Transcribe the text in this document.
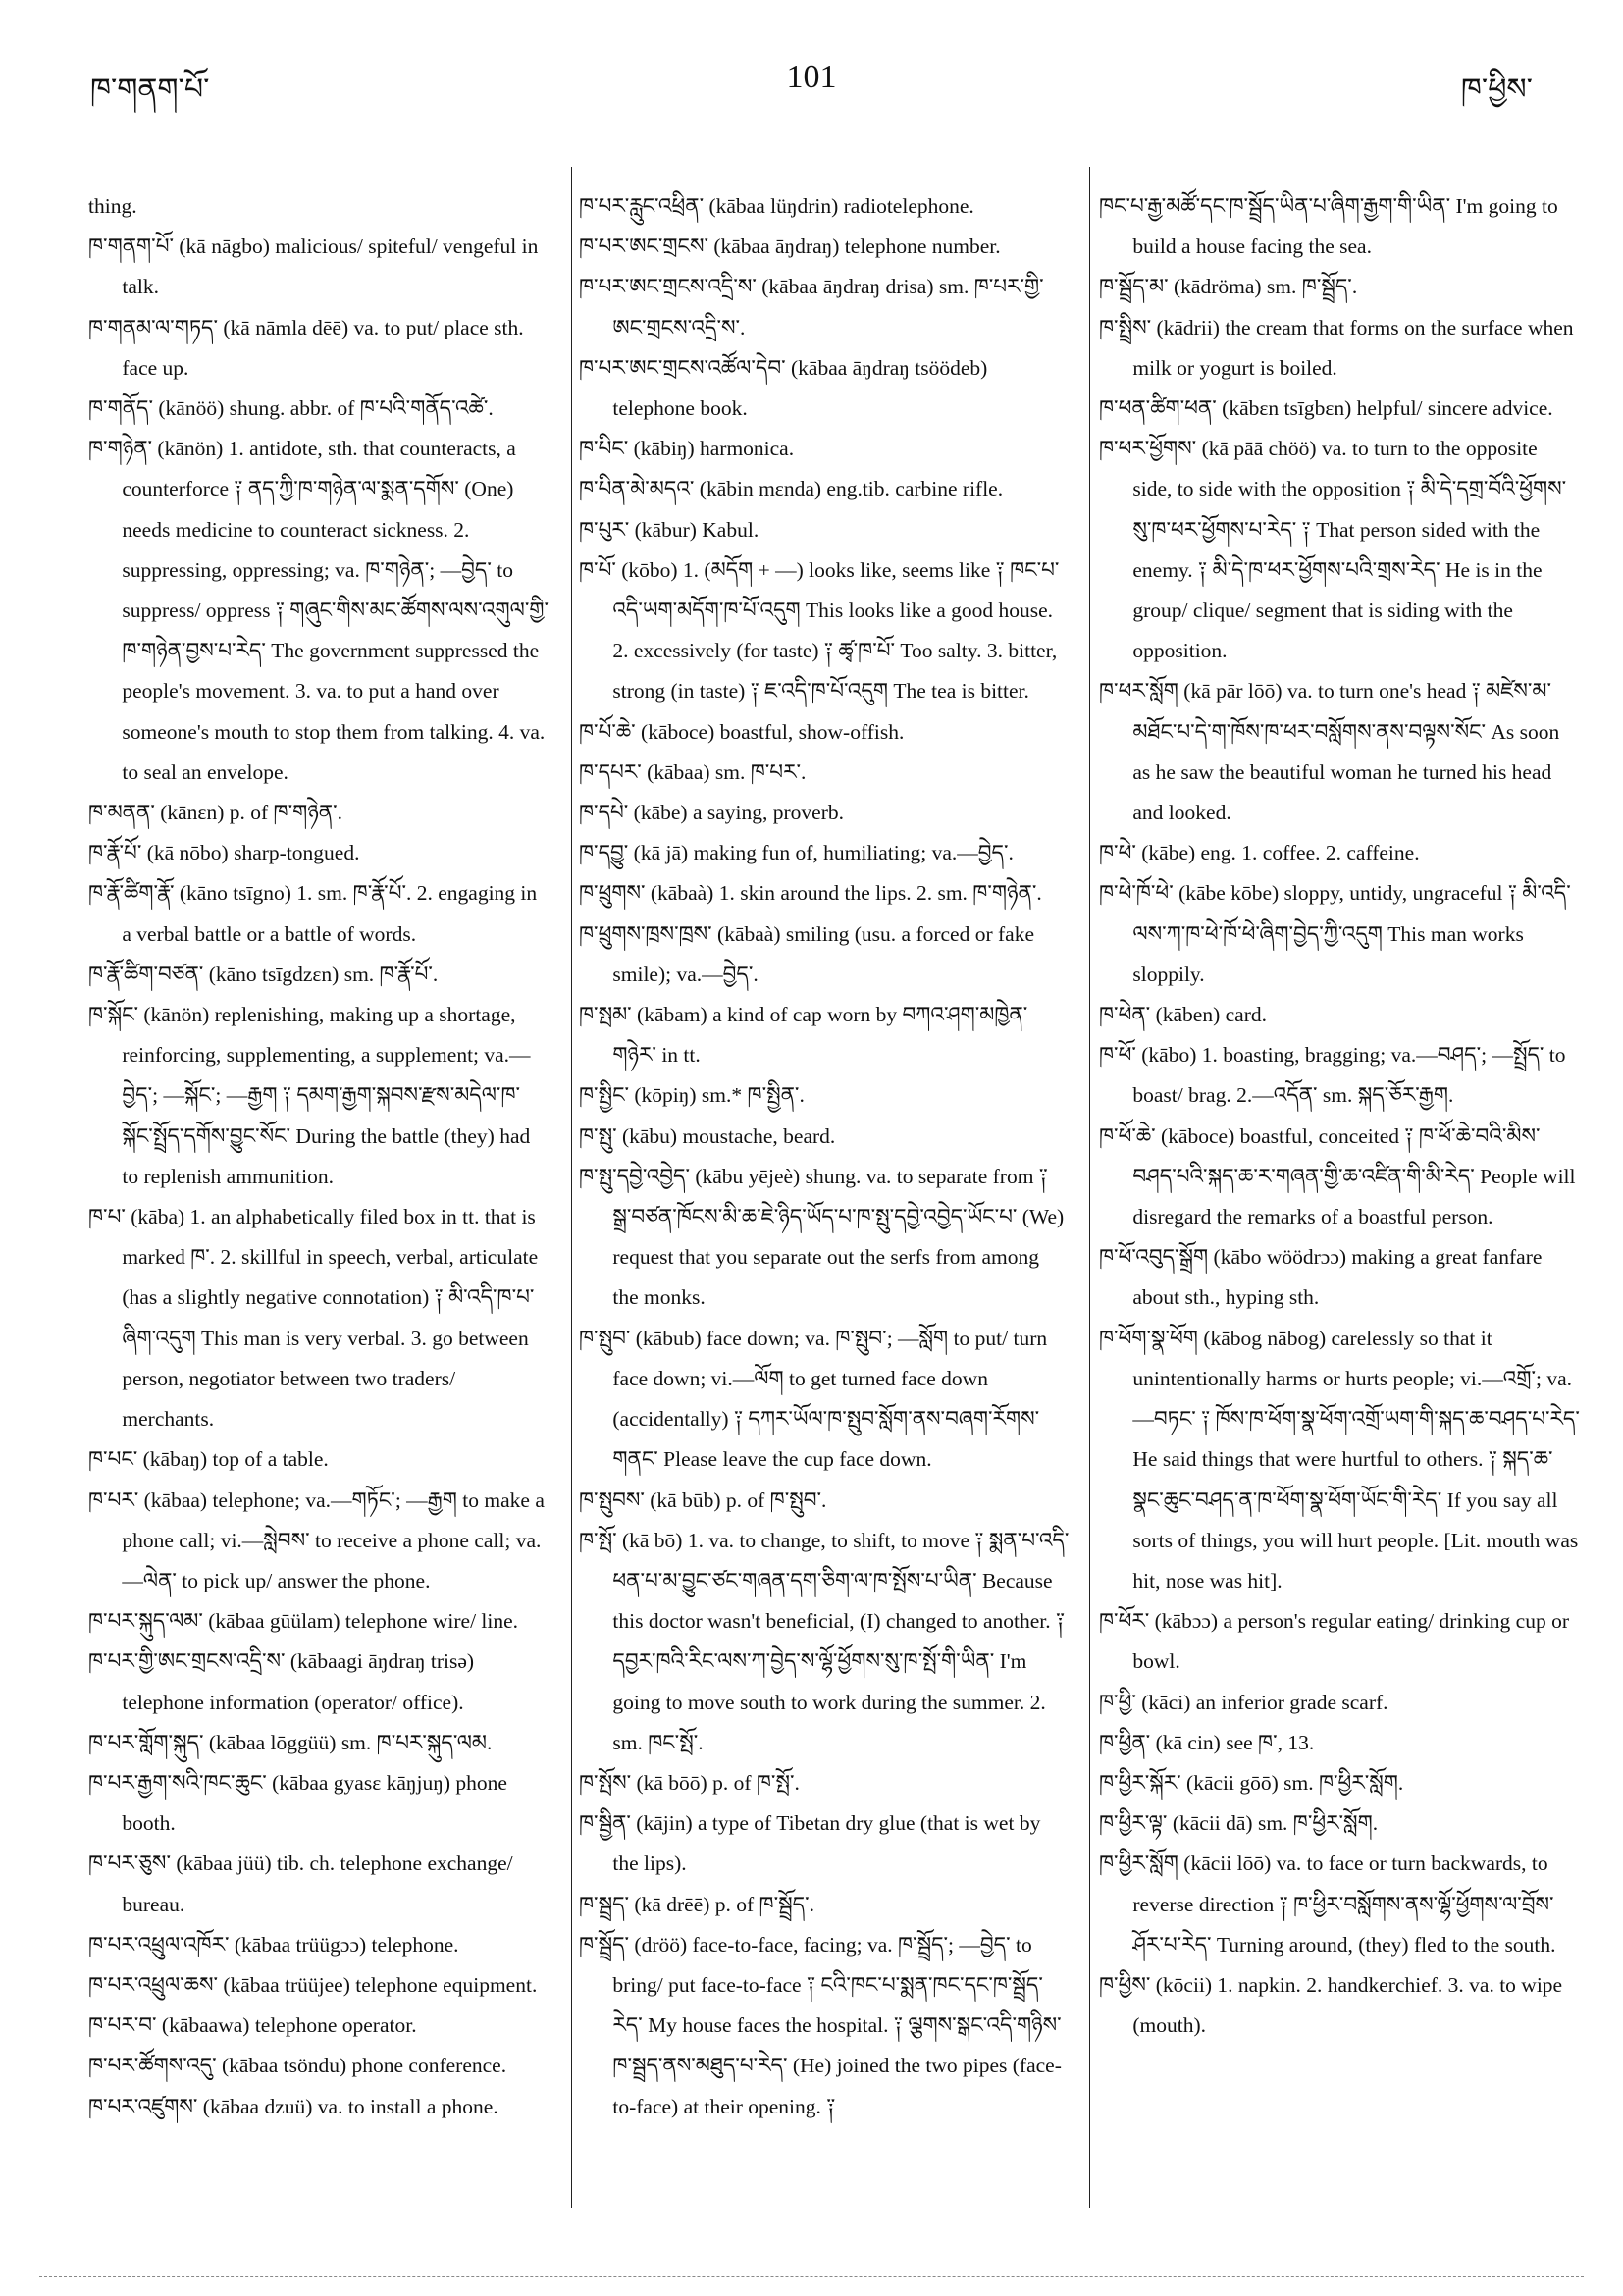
ཁ་གནག་པོ་	101	ཁ་ཕྱིས་

thing.

ཁ་གནག་པོ་ (kā nāgbo) malicious/ spiteful/ vengeful in talk.

ཁ་གནམ་ལ་གཏད་ (kā nāmla dēē) va. to put/ place sth. face up.

ཁ་གནོད་ (kānöö) shung. abbr. of ཁ་པའི་གནོད་འཚེ་.

ཁ་གཉེན་ (kānön) 1. antidote, sth. that counteracts, a counterforce ༑ ནད་ཀྱི་ཁ་གཉེན་ལ་སྨན་དགོས་ (One) needs medicine to counteract sickness. 2. suppressing, oppressing; va. ཁ་གཉེན་; —བྱེད་ to suppress/ oppress ༑ གཞུང་གིས་མང་ཚོགས་ལས་འགུལ་གྱི་ཁ་གཉེན་བྱས་པ་རེད་ The government suppressed the people's movement. 3. va. to put a hand over someone's mouth to stop them from talking. 4. va. to seal an envelope.

ཁ་མནན་ (kānɛn) p. of ཁ་གཉེན་.

ཁ་རྣོ་པོ་ (kā nōbo) sharp-tongued.

ཁ་རྣོ་ཚིག་རྣོ་ (kāno tsīgno) 1. sm. ཁ་རྣོ་པོ་. 2. engaging in a verbal battle or a battle of words.

ཁ་རྣོ་ཚིག་བཙན་ (kāno tsīgdzɛn) sm. ཁ་རྣོ་པོ་.

ཁ་སྐོང་ (kānön) replenishing, making up a shortage, reinforcing, supplementing, a supplement; va.—བྱེད་; —སྐོང་; —རྒྱག ༑ དམག་རྒྱག་སྐབས་རྫས་མདེལ་ཁ་སྐོང་སྤྲོད་དགོས་བྱུང་སོང་ During the battle (they) had to replenish ammunition.

ཁ་པ་ (kāba) 1. an alphabetically filed box in tt. that is marked ཁ་. 2. skillful in speech, verbal, articulate (has a slightly negative connotation) ༑ མི་འདི་ཁ་པ་ཞིག་འདུག This man is very verbal. 3. go between person, negotiator between two traders/ merchants.

ཁ་པང་ (kābaŋ) top of a table.

ཁ་པར་ (kābaa) telephone; va.—གཏོང་; —རྒྱག to make a phone call; vi.—སླེབས་ to receive a phone call; va.—ལེན་ to pick up/ answer the phone.

ཁ་པར་སྐུད་ལམ་ (kābaa gūülam) telephone wire/ line.

ཁ་པར་གྱི་ཨང་གྲངས་འདྲི་ས་ (kābaagi āŋdraŋ trisə) telephone information (operator/ office).

ཁ་པར་གློག་སྐུད་ (kābaa lōggüü) sm. ཁ་པར་སྐུད་ལམ.

ཁ་པར་རྒྱག་སའི་ཁང་ཆུང་ (kābaa gyasɛ kāŋjuŋ) phone booth.

ཁ་པར་ཅུས་ (kābaa jüü) tib. ch. telephone exchange/ bureau.

ཁ་པར་འཕྲུལ་འཁོར་ (kābaa trüügɔɔ) telephone.

ཁ་པར་འཕྲུལ་ཆས་ (kābaa trüüjee) telephone equipment.

ཁ་པར་བ་ (kābaawa) telephone operator.

ཁ་པར་ཚོགས་འདུ་ (kābaa tsöndu) phone conference.

ཁ་པར་འཛུགས་ (kābaa dzuü) va. to install a phone.

ཁ་པར་རླུང་འཕྲིན་ (kābaa lüŋdrin) radiotelephone.

ཁ་པར་ཨང་གྲངས་ (kābaa āŋdraŋ) telephone number.

ཁ་པར་ཨང་གྲངས་འདྲི་ས་ (kābaa āŋdraŋ drisa) sm. ཁ་པར་གྱི་ཨང་གྲངས་འདྲི་ས་.

ཁ་པར་ཨང་གྲངས་འཚོལ་དེབ་ (kābaa āŋdraŋ tsöödeb) telephone book.

ཁ་པིང་ (kābiŋ) harmonica.

ཁ་པིན་མེ་མདའ་ (kābin mɛnda) eng.tib. carbine rifle.

ཁ་པུར་ (kābur) Kabul.

ཁ་པོ་ (kōbo) 1. (མདོག + —) looks like, seems like ༑ ཁང་པ་འདི་ཡག་མདོག་ཁ་པོ་འདུག This looks like a good house. 2. excessively (for taste) ༑ ཚྭ་ཁ་པོ་ Too salty. 3. bitter, strong (in taste) ༑ ཇ་འདི་ཁ་པོ་འདུག The tea is bitter.

ཁ་པོ་ཆེ་ (kāboce) boastful, show-offish.

ཁ་དཔར་ (kābaa) sm. ཁ་པར་.

ཁ་དཔེ་ (kābe) a saying, proverb.

ཁ་དབྱུ་ (kā jā) making fun of, humiliating; va.—བྱེད་.

ཁ་ཕྲུགས་ (kābaà) 1. skin around the lips. 2. sm. ཁ་གཉེན་.

ཁ་ཕྲུགས་ཁྲས་ཁྲས་ (kābaà) smiling (usu. a forced or fake smile); va.—བྱེད་.

ཁ་སྤམ་ (kābam) a kind of cap worn by བཀའ་ཤག་མཁྱེན་གཉེར་ in tt.

ཁ་སྤྱིང་ (kōpiŋ) sm.* ཁ་སྤྱིན་.

ཁ་སྤུ་ (kābu) moustache, beard.

ཁ་སྤུ་དབྱེ་འབྱེད་ (kābu yējeè) shung. va. to separate from ༑ སྒྲ་བཙན་ཁོངས་མི་ཆ་ཇེ་ཉིད་ཡོད་པ་ཁ་སྤུ་དབྱེ་འབྱེད་ཡོང་པ་ (We) request that you separate out the serfs from among the monks.

ཁ་སྤུབ་ (kābub) face down; va. ཁ་སྤུབ་; —སློག to put/ turn face down; vi.—ལོག to get turned face down (accidentally) ༑ དཀར་ཡོལ་ཁ་སྤུབ་སློག་ནས་བཞག་རོགས་གནང་ Please leave the cup face down.

ཁ་སྤུབས་ (kā būb) p. of ཁ་སྤུབ་.

ཁ་སྤོ་ (kā bō) 1. va. to change, to shift, to move ༑ སྨན་པ་འདི་ཕན་པ་མ་བྱུང་ཙང་གཞན་དག་ཅིག་ལ་ཁ་སྤོས་པ་ཡིན་ Because this doctor wasn't beneficial, (I) changed to another. ༑ དབྱར་ཁའི་རིང་ལས་ཀ་བྱེད་ས་ལྷོ་ཕྱོགས་སུ་ཁ་སྤོ་གི་ཡིན་ I'm going to move south to work during the summer. 2. sm. ཁང་སྤོ་.

ཁ་སྤོས་ (kā bōō) p. of ཁ་སྤོ་.

ཁ་སྦྱིན་ (kājin) a type of Tibetan dry glue (that is wet by the lips).

ཁ་སྦྲད་ (kā drēē) p. of ཁ་སྦྲོད་.

ཁ་སྦྲོད་ (dröö) face-to-face, facing; va. ཁ་སྦྲོད་; —བྱེད་ to bring/ put face-to-face ༑ ངའི་ཁང་པ་སྨན་ཁང་དང་ཁ་སྦྲོད་རེད་ My house faces the hospital. ༑ ལྕགས་སྒང་འདི་གཉིས་ཁ་སྦྲད་ནས་མཐུད་པ་རེད་ (He) joined the two pipes (face-to-face) at their opening. ༑

ཁང་པ་རྒྱ་མཚོ་དང་ཁ་སྦྲོད་ཡིན་པ་ཞིག་རྒྱག་གི་ཡིན་ I'm going to build a house facing the sea.

ཁ་སྦྲོད་མ་ (kādröma) sm. ཁ་སྦྲོད་.

ཁ་སྤྲིས་ (kādrii) the cream that forms on the surface when milk or yogurt is boiled.

ཁ་ཕན་ཚིག་ཕན་ (kābɛn tsīgbɛn) helpful/ sincere advice.

ཁ་ཕར་ཕྱོགས་ (kā pāā chöö) va. to turn to the opposite side, to side with the opposition ༑ མི་དེ་དགྲ་བོའི་ཕྱོགས་སུ་ཁ་ཕར་ཕྱོགས་པ་རེད་ ༑ That person sided with the enemy. ༑ མི་དེ་ཁ་ཕར་ཕྱོགས་པའི་གྲས་རེད་ He is in the group/ clique/ segment that is siding with the opposition.

ཁ་ཕར་སློག (kā pār lōō) va. to turn one's head ༑ མཛེས་མ་མཐོང་པ་དེ་ག་ཁོས་ཁ་ཕར་བསློགས་ནས་བལྟས་སོང་ As soon as he saw the beautiful woman he turned his head and looked.

ཁ་ཕེ་ (kābe) eng. 1. coffee. 2. caffeine.

ཁ་ཕེ་ཁོ་ཕེ་ (kābe kōbe) sloppy, untidy, ungraceful ༑ མི་འདི་ལས་ཀ་ཁ་ཕེ་ཁོ་ཕེ་ཞིག་བྱེད་ཀྱི་འདུག This man works sloppily.

ཁ་ཕེན་ (kāben) card.

ཁ་ཕོ་ (kābo) 1. boasting, bragging; va.—བཤད་; —སྤྲོད་ to boast/ brag. 2.—འདོན་ sm. སྐད་ཅོར་རྒྱག.

ཁ་ཕོ་ཆེ་ (kāboce) boastful, conceited ༑ ཁ་ཕོ་ཆེ་བའི་མིས་བཤད་པའི་སྐད་ཆ་ར་གཞན་གྱི་ཆ་འཛིན་གི་མི་རེད་ People will disregard the remarks of a boastful person.

ཁ་ཕོ་འབུད་སྒྲོག (kābo wöödrɔɔ) making a great fanfare about sth., hyping sth.

ཁ་ཕོག་སྣ་ཕོག (kābog nābog) carelessly so that it unintentionally harms or hurts people; vi.—འགྲོ་; va.—བཏང་ ༑ ཁོས་ཁ་ཕོག་སྣ་ཕོག་འགྲོ་ཡག་གི་སྐད་ཆ་བཤད་པ་རེད་ He said things that were hurtful to others. ༑ སྐད་ཆ་སྣང་ཆུང་བཤད་ན་ཁ་ཕོག་སྣ་ཕོག་ཡོང་གི་རེད་ If you say all sorts of things, you will hurt people. [Lit. mouth was hit, nose was hit].

ཁ་ཕོར་ (kābɔɔ) a person's regular eating/ drinking cup or bowl.

ཁ་ཕྱི་ (kāci) an inferior grade scarf.

ཁ་ཕྱིན་ (kā cin) see ཁ་, 13.

ཁ་ཕྱིར་སྐོར་ (kācii gōō) sm. ཁ་ཕྱིར་སློག.

ཁ་ཕྱིར་ལྟ་ (kācii dā) sm. ཁ་ཕྱིར་སློག.

ཁ་ཕྱིར་སློག (kācii lōō) va. to face or turn backwards, to reverse direction ༑ ཁ་ཕྱིར་བསློགས་ནས་ལྷོ་ཕྱོགས་ལ་བྲོས་ཤོར་པ་རེད་ Turning around, (they) fled to the south.

ཁ་ཕྱིས་ (kōcii) 1. napkin. 2. handkerchief. 3. va. to wipe (mouth).
